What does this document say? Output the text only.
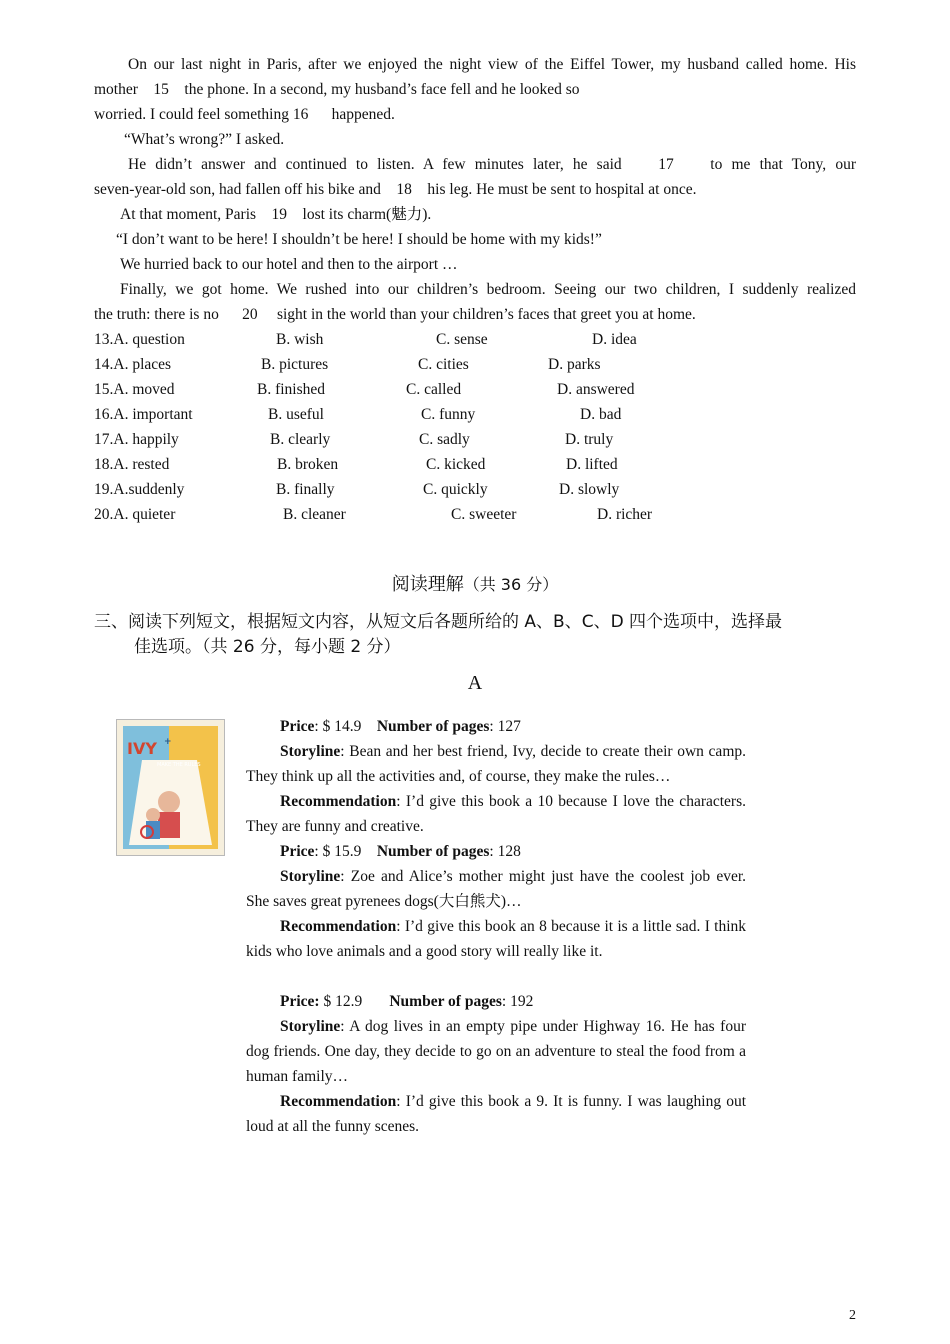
On our last night in Paris, after we enjoyed the night view of the Eiffel Tower, my husband called home. His
mother    15    the phone. In a second, my husband’s face fell and he looked so
worried. I could feel something 16      happened.
“What’s wrong?” I asked.
He didn’t answer and continued to listen. A few minutes later, he said    17    to me that Tony, our
seven-year-old son, had fallen off his bike and    18    his leg. He must be sent to hospital at once.
At that moment, Paris    19    lost its charm(魅力).
“I don’t want to be here! I shouldn’t be here! I should be home with my kids!”
We hurried back to our hotel and then to the airport …
Finally, we got home. We rushed into our children’s bedroom. Seeing our two children, I suddenly realized
the truth: there is no      20     sight in the world than your children’s faces that greet you at home.
13.A. question	B. wish	C. sense	D. idea
14.A. places	B. pictures	C. cities	D. parks
15.A. moved	B. finished	C. called	D. answered
16.A. important	B. useful	C. funny	D. bad
17.A. happily	B. clearly	C. sadly	D. truly
18.A. rested	B. broken	C. kicked	D. lifted
19.A.suddenly	B. finally	C. quickly	D. slowly
20.A. quieter	B. cleaner	C. sweeter	D. richer
阅读理解（共 36 分）
三、阅读下列短文，根据短文内容，从短文后各题所给的 A、B、C、D 四个选项中，选择最
佳选项。（共 26 分，每小题 2 分）
A
IVY +
MAKE THE RULES

Price: $ 14.9 Number of pages: 127

Storyline: Bean and her best friend, Ivy, decide to create their own camp. They think up all the activities and, of course, they make the rules…

Recommendation: I’d give this book a 10 because I love the characters. They are funny and creative.

Price: $ 15.9 Number of pages: 128

Storyline: Zoe and Alice’s mother might just have the coolest job ever. She saves great pyrenees dogs(大白熊犬)…

Recommendation: I’d give this book an 8 because it is a little sad. I think kids who love animals and a good story will really like it.

Price: $ 12.9 Number of pages: 192

Storyline: A dog lives in an empty pipe under Highway 16. He has four dog friends. One day, they decide to go on an adventure to steal the food from a human family…

Recommendation: I’d give this book a 9. It is funny. I was laughing out loud at all the funny scenes.

2
